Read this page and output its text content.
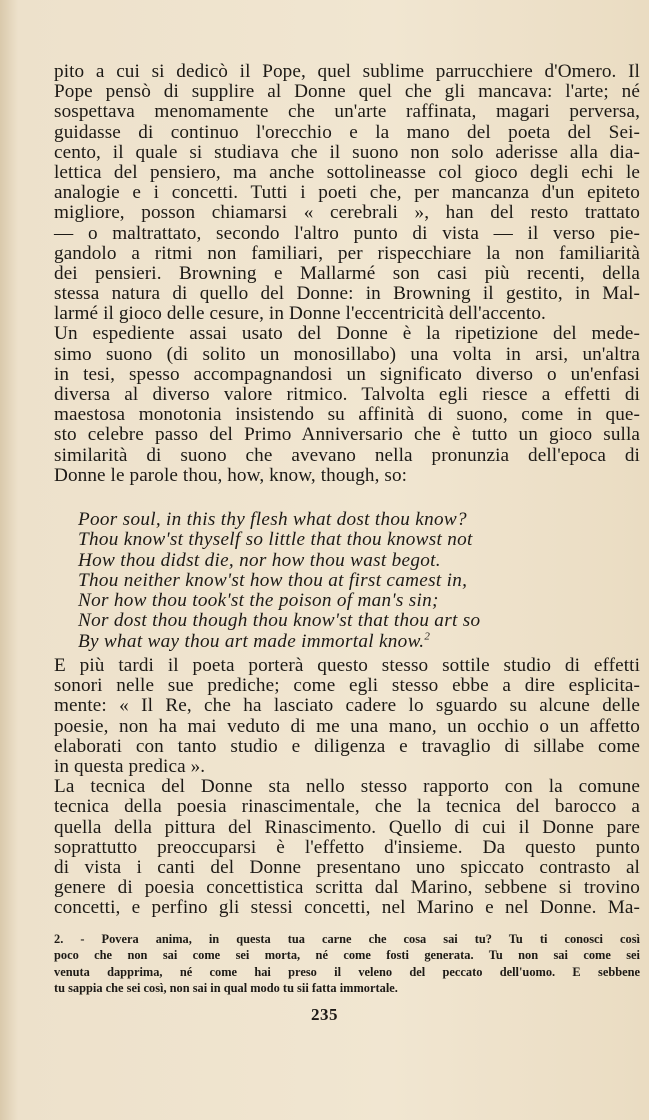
pito a cui si dedicò il Pope, quel sublime parrucchiere d'Omero. Il
Pope pensò di supplire al Donne quel che gli mancava: l'arte; né
sospettava menomamente che un'arte raffinata, magari perversa,
guidasse di continuo l'orecchio e la mano del poeta del Sei-
cento, il quale si studiava che il suono non solo aderisse alla dia-
lettica del pensiero, ma anche sottolineasse col gioco degli echi le
analogie e i concetti. Tutti i poeti che, per mancanza d'un epiteto
migliore, posson chiamarsi « cerebrali », han del resto trattato
— o maltrattato, secondo l'altro punto di vista — il verso pie-
gandolo a ritmi non familiari, per rispecchiare la non familiarità
dei pensieri. Browning e Mallarmé son casi più recenti, della
stessa natura di quello del Donne: in Browning il gestito, in Mal-
larmé il gioco delle cesure, in Donne l'eccentricità dell'accento.
Un espediente assai usato del Donne è la ripetizione del mede-
simo suono (di solito un monosillabo) una volta in arsi, un'altra
in tesi, spesso accompagnandosi un significato diverso o un'enfasi
diversa al diverso valore ritmico. Talvolta egli riesce a effetti di
maestosa monotonia insistendo su affinità di suono, come in que-
sto celebre passo del Primo Anniversario che è tutto un gioco sulla
similarità di suono che avevano nella pronunzia dell'epoca di
Donne le parole thou, how, know, though, so:
Poor soul, in this thy flesh what dost thou know?
Thou know'st thyself so little that thou knowst not
How thou didst die, nor how thou wast begot.
Thou neither know'st how thou at first camest in,
Nor how thou took'st the poison of man's sin;
Nor dost thou though thou know'st that thou art so
By what way thou art made immortal know.$^2$
E più tardi il poeta porterà questo stesso sottile studio di effetti
sonori nelle sue prediche; come egli stesso ebbe a dire esplicita-
mente: « Il Re, che ha lasciato cadere lo sguardo su alcune delle
poesie, non ha mai veduto di me una mano, un occhio o un affetto
elaborati con tanto studio e diligenza e travaglio di sillabe come
in questa predica ».
La tecnica del Donne sta nello stesso rapporto con la comune
tecnica della poesia rinascimentale, che la tecnica del barocco a
quella della pittura del Rinascimento. Quello di cui il Donne pare
soprattutto preoccuparsi è l'effetto d'insieme. Da questo punto
di vista i canti del Donne presentano uno spiccato contrasto al
genere di poesia concettistica scritta dal Marino, sebbene si trovino
concetti, e perfino gli stessi concetti, nel Marino e nel Donne. Ma-
2. - Povera anima, in questa tua carne che cosa sai tu? Tu ti conosci così
poco che non sai come sei morta, né come fosti generata. Tu non sai come sei
venuta dapprima, né come hai preso il veleno del peccato dell'uomo. E sebbene
tu sappia che sei così, non sai in qual modo tu sii fatta immortale.
235
